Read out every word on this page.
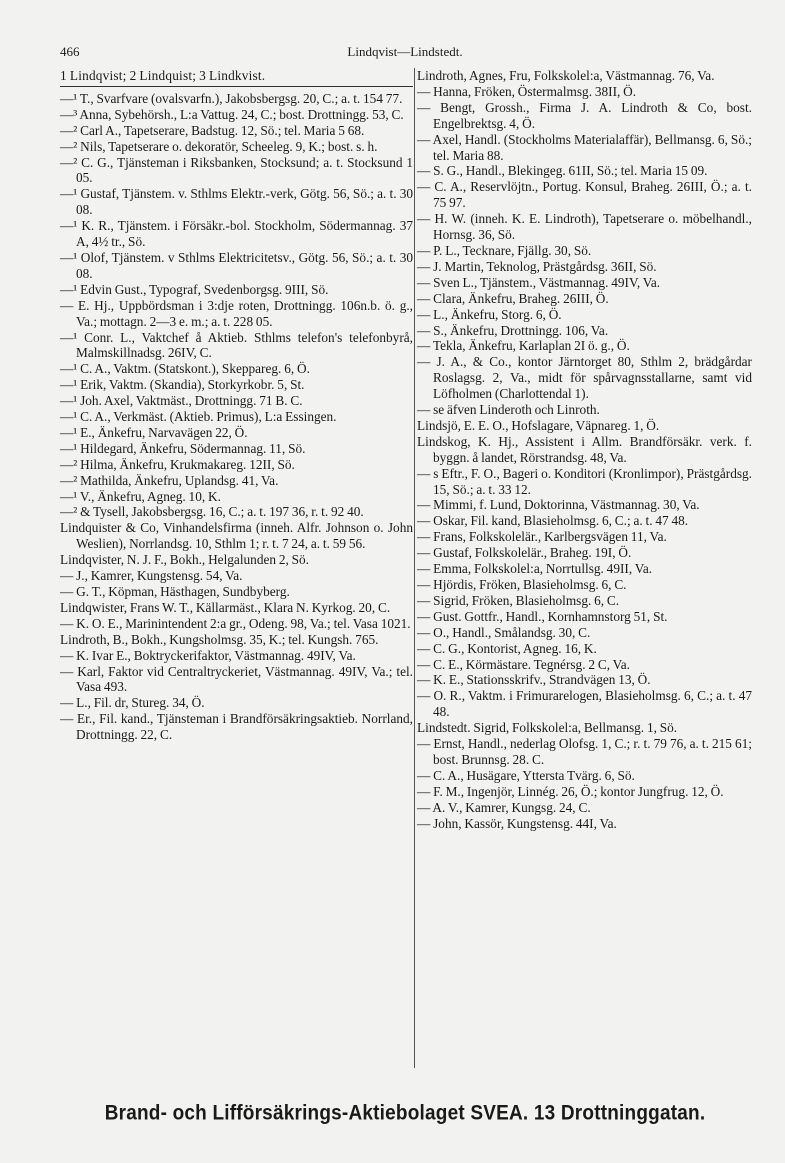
466	Lindqvist—Lindstedt.

1 Lindqvist; 2 Lindquist; 3 Lindkvist.

—¹ T., Svarfvare (ovalsvarfn.), Jakobsbergsg. 20, C.; a. t. 154 77.

—³ Anna, Sybehörsh., L:a Vattug. 24, C.; bost. Drottningg. 53, C.

—² Carl A., Tapetserare, Badstug. 12, Sö.; tel. Maria 5 68.

—² Nils, Tapetserare o. dekoratör, Scheeleg. 9, K.; bost. s. h.

—² C. G., Tjänsteman i Riksbanken, Stocksund; a. t. Stocksund 1 05.

—¹ Gustaf, Tjänstem. v. Sthlms Elektr.-verk, Götg. 56, Sö.; a. t. 30 08.

—¹ K. R., Tjänstem. i Försäkr.-bol. Stockholm, Södermannag. 37 A, 4½ tr., Sö.

—¹ Olof, Tjänstem. v Sthlms Elektricitetsv., Götg. 56, Sö.; a. t. 30 08.

—¹ Edvin Gust., Typograf, Svedenborgsg. 9III, Sö.

— E. Hj., Uppbördsman i 3:dje roten, Drottningg. 106n.b. ö. g., Va.; mottagn. 2—3 e. m.; a. t. 228 05.

—¹ Conr. L., Vaktchef å Aktieb. Sthlms telefon's telefonbyrå, Malmskillnadsg. 26IV, C.

—¹ C. A., Vaktm. (Statskont.), Skeppareg. 6, Ö.

—¹ Erik, Vaktm. (Skandia), Storkyrkobr. 5, St.

—¹ Joh. Axel, Vaktmäst., Drottningg. 71 B. C.

—¹ C. A., Verkmäst. (Aktieb. Primus), L:a Essingen.

—¹ E., Änkefru, Narvavägen 22, Ö.

—¹ Hildegard, Änkefru, Södermannag. 11, Sö.

—² Hilma, Änkefru, Krukmakareg. 12II, Sö.

—² Mathilda, Änkefru, Uplandsg. 41, Va.

—¹ V., Änkefru, Agneg. 10, K.

—² & Tysell, Jakobsbergsg. 16, C.; a. t. 197 36, r. t. 92 40.

Lindquister & Co, Vinhandelsfirma (inneh. Alfr. Johnson o. John Weslien), Norrlandsg. 10, Sthlm 1; r. t. 7 24, a. t. 59 56.

Lindqvister, N. J. F., Bokh., Helgalunden 2, Sö.

— J., Kamrer, Kungstensg. 54, Va.

— G. T., Köpman, Hästhagen, Sundbyberg.

Lindqwister, Frans W. T., Källarmäst., Klara N. Kyrkog. 20, C.

— K. O. E., Marinintendent 2:a gr., Odeng. 98, Va.; tel. Vasa 1021.

Lindroth, B., Bokh., Kungsholmsg. 35, K.; tel. Kungsh. 765.

— K. Ivar E., Boktryckerifaktor, Västmannag. 49IV, Va.

— Karl, Faktor vid Centraltryckeriet, Västmannag. 49IV, Va.; tel. Vasa 493.

— L., Fil. dr, Stureg. 34, Ö.

— Er., Fil. kand., Tjänsteman i Brandförsäkringsaktieb. Norrland, Drottningg. 22, C.

Lindroth, Agnes, Fru, Folkskolel:a, Västmannag. 76, Va.

— Hanna, Fröken, Östermalmsg. 38II, Ö.

— Bengt, Grossh., Firma J. A. Lindroth & Co, bost. Engelbrektsg. 4, Ö.

— Axel, Handl. (Stockholms Materialaffär), Bellmansg. 6, Sö.; tel. Maria 88.

— S. G., Handl., Blekingeg. 61II, Sö.; tel. Maria 15 09.

— C. A., Reservlöjtn., Portug. Konsul, Braheg. 26III, Ö.; a. t. 75 97.

— H. W. (inneh. K. E. Lindroth), Tapetserare o. möbelhandl., Hornsg. 36, Sö.

— P. L., Tecknare, Fjällg. 30, Sö.

— J. Martin, Teknolog, Prästgårdsg. 36II, Sö.

— Sven L., Tjänstem., Västmannag. 49IV, Va.

— Clara, Änkefru, Braheg. 26III, Ö.

— L., Änkefru, Storg. 6, Ö.

— S., Änkefru, Drottningg. 106, Va.

— Tekla, Änkefru, Karlaplan 2I ö. g., Ö.

— J. A., & Co., kontor Järntorget 80, Sthlm 2, brädgårdar Roslagsg. 2, Va., midt för spårvagnsstallarne, samt vid Löfholmen (Charlottendal 1).

— se äfven Linderoth och Linroth.

Lindsjö, E. E. O., Hofslagare, Väpnareg. 1, Ö.

Lindskog, K. Hj., Assistent i Allm. Brandförsäkr. verk. f. byggn. å landet, Rörstrandsg. 48, Va.

— s Eftr., F. O., Bageri o. Konditori (Kronlimpor), Prästgårdsg. 15, Sö.; a. t. 33 12.

— Mimmi, f. Lund, Doktorinna, Västmannag. 30, Va.

— Oskar, Fil. kand, Blasieholmsg. 6, C.; a. t. 47 48.

— Frans, Folkskolelär., Karlbergsvägen 11, Va.

— Gustaf, Folkskolelär., Braheg. 19I, Ö.

— Emma, Folkskolel:a, Norrtullsg. 49II, Va.

— Hjördis, Fröken, Blasieholmsg. 6, C.

— Sigrid, Fröken, Blasieholmsg. 6, C.

— Gust. Gottfr., Handl., Kornhamnstorg 51, St.

— O., Handl., Smålandsg. 30, C.

— C. G., Kontorist, Agneg. 16, K.

— C. E., Körmästare. Tegnérsg. 2 C, Va.

— K. E., Stationsskrifv., Strandvägen 13, Ö.

— O. R., Vaktm. i Frimurarelogen, Blasieholmsg. 6, C.; a. t. 47 48.

Lindstedt. Sigrid, Folkskolel:a, Bellmansg. 1, Sö.

— Ernst, Handl., nederlag Olofsg. 1, C.; r. t. 79 76, a. t. 215 61; bost. Brunnsg. 28. C.

— C. A., Husägare, Yttersta Tvärg. 6, Sö.

— F. M., Ingenjör, Linnég. 26, Ö.; kontor Jungfrug. 12, Ö.

— A. V., Kamrer, Kungsg. 24, C.

— John, Kassör, Kungstensg. 44I, Va.

Brand- och Lifförsäkrings-Aktiebolaget SVEA. 13 Drottninggatan.
